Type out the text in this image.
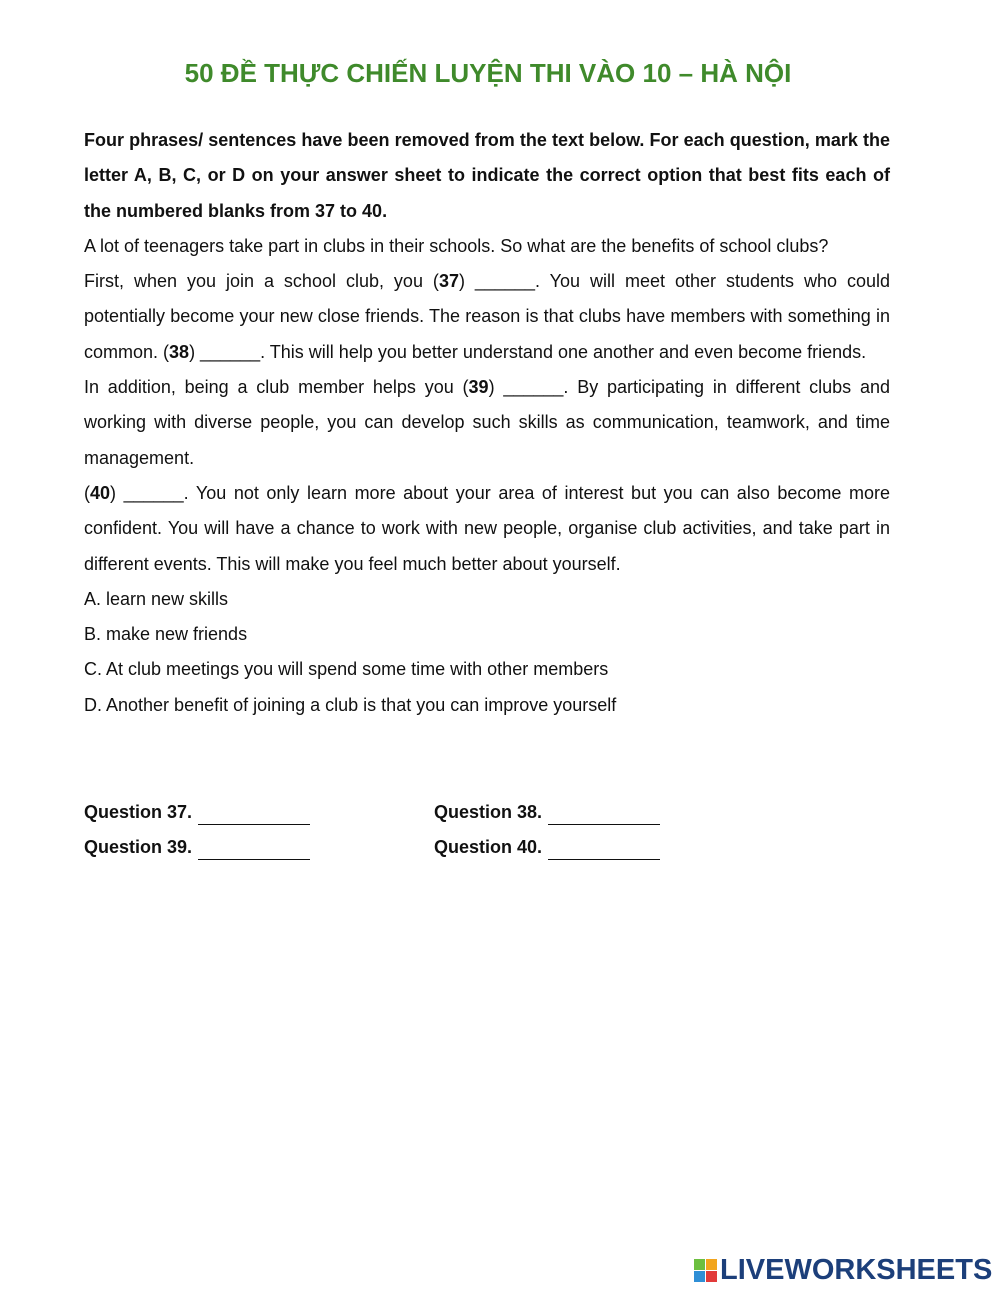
50 ĐỀ THỰC CHIẾN LUYỆN THI VÀO 10 – HÀ NỘI

Four phrases/ sentences have been removed from the text below. For each question, mark the letter A, B, C, or D on your answer sheet to indicate the correct option that best fits each of the numbered blanks from 37 to 40.

A lot of teenagers take part in clubs in their schools. So what are the benefits of school clubs?

First, when you join a school club, you (37) ______. You will meet other students who could potentially become your new close friends. The reason is that clubs have members with something in common. (38) ______. This will help you better understand one another and even become friends.

In addition, being a club member helps you (39) ______. By participating in different clubs and working with diverse people, you can develop such skills as communication, teamwork, and time management.

(40) ______. You not only learn more about your area of interest but you can also become more confident. You will have a chance to work with new people, organise club activities, and take part in different events. This will make you feel much better about yourself.

A. learn new skills

B. make new friends

C. At club meetings you will spend some time with other members

D. Another benefit of joining a club is that you can improve yourself

Question 37.	Question 38.
Question 39.	Question 40.
LIVEWORKSHEETS
